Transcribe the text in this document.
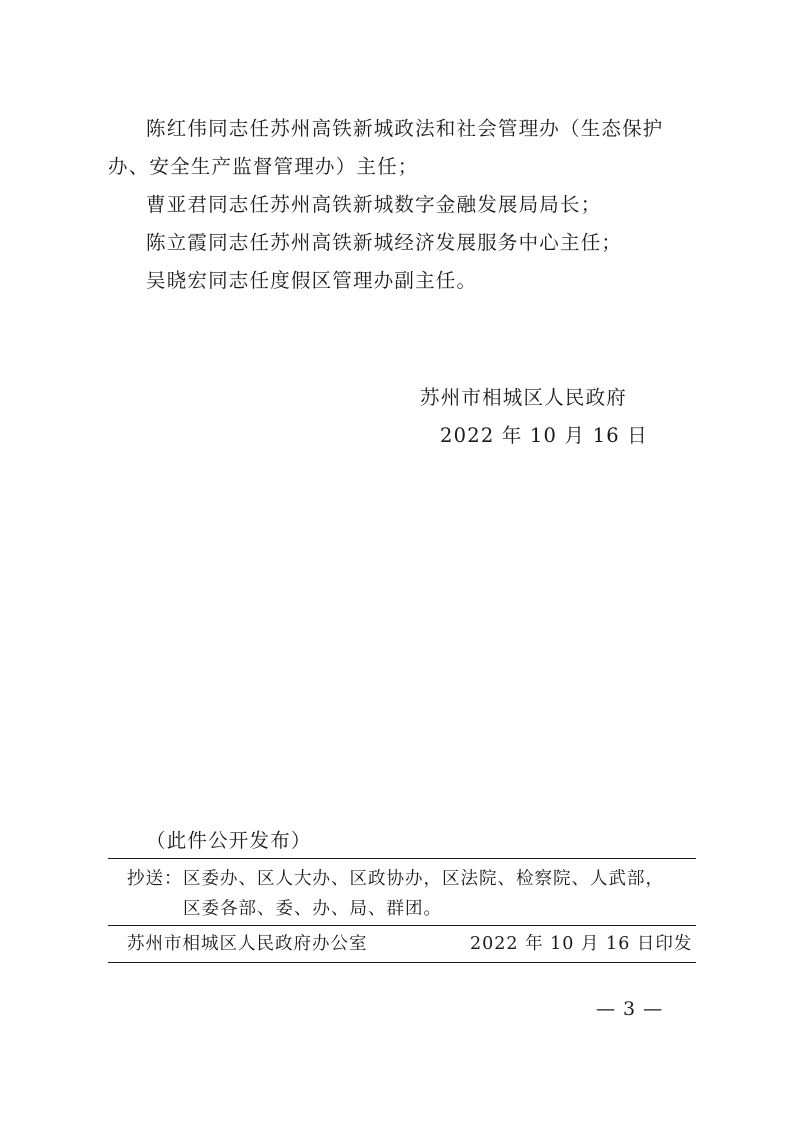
陈红伟同志任苏州高铁新城政法和社会管理办（生态保护办、安全生产监督管理办）主任；

曹亚君同志任苏州高铁新城数字金融发展局局长；

陈立霞同志任苏州高铁新城经济发展服务中心主任；

吴晓宏同志任度假区管理办副主任。

苏州市相城区人民政府

2022 年 10 月 16 日

（此件公开发布）

抄送： 区委办、区人大办、区政协办，区法院、检察院、人武部，

区委各部、委、办、局、群团。

苏州市相城区人民政府办公室	2022 年 10 月 16 日印发

— 3 —
